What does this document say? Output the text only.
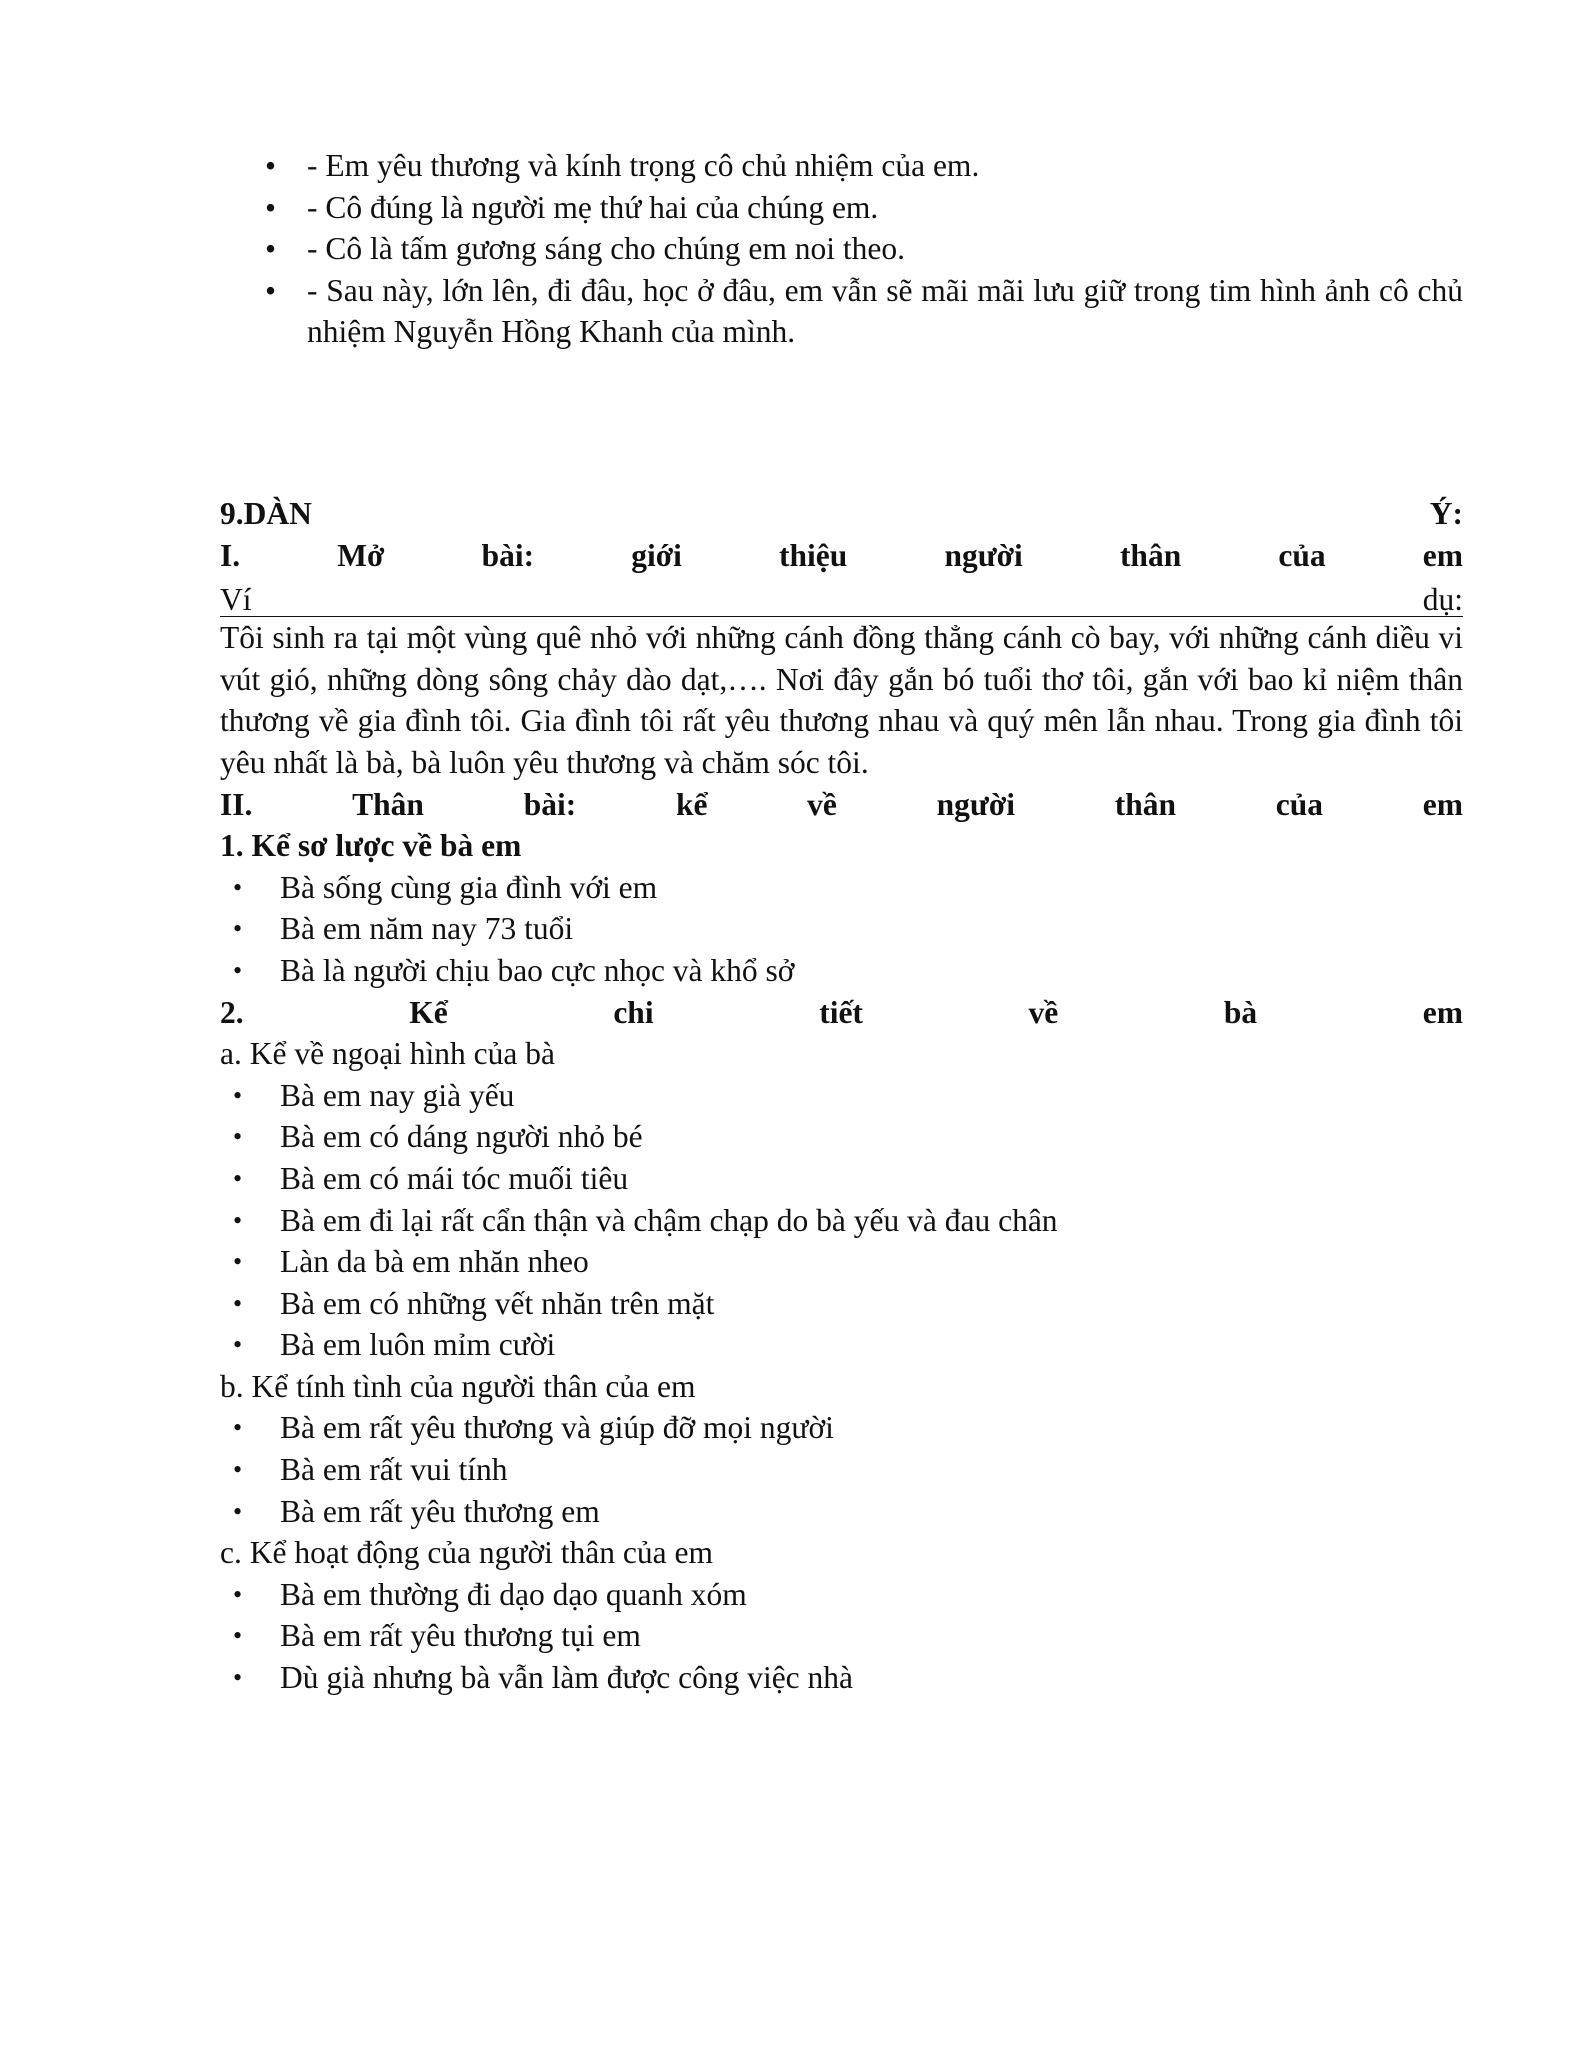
• - Em yêu thương và kính trọng cô chủ nhiệm của em.
• - Cô đúng là người mẹ thứ hai của chúng em.
• - Cô là tấm gương sáng cho chúng em noi theo.
• - Sau này, lớn lên, đi đâu, học ở đâu, em vẫn sẽ mãi mãi lưu giữ trong tim hình ảnh cô chủ nhiệm Nguyễn Hồng Khanh của mình.
9.DÀN	Ý:
I.	Mở	bài:	giới	thiệu	người	thân	của	em
Ví	dụ:

Tôi sinh ra tại một vùng quê nhỏ với những cánh đồng thẳng cánh cò bay, với những cánh diều vi vút gió, những dòng sông chảy dào dạt,…. Nơi đây gắn bó tuổi thơ tôi, gắn với bao kỉ niệm thân thương về gia đình tôi. Gia đình tôi rất yêu thương nhau và quý mên lẫn nhau. Trong gia đình tôi yêu nhất là bà, bà luôn yêu thương và chăm sóc tôi.

II.	Thân	bài:	kể	về	người	thân	của	em
1. Kể sơ lược về bà em
• Bà sống cùng gia đình với em
• Bà em năm nay 73 tuổi
• Bà là người chịu bao cực nhọc và khổ sở
2.	Kể	chi	tiết	về	bà	em
a. Kể về ngoại hình của bà
• Bà em nay già yếu
• Bà em có dáng người nhỏ bé
• Bà em có mái tóc muối tiêu
• Bà em đi lại rất cẩn thận và chậm chạp do bà yếu và đau chân
• Làn da bà em nhăn nheo
• Bà em có những vết nhăn trên mặt
• Bà em luôn mỉm cười
b. Kể tính tình của người thân của em
• Bà em rất yêu thương và giúp đỡ mọi người
• Bà em rất vui tính
• Bà em rất yêu thương em
c. Kể hoạt động của người thân của em
• Bà em thường đi dạo dạo quanh xóm
• Bà em rất yêu thương tụi em
• Dù già nhưng bà vẫn làm được công việc nhà
